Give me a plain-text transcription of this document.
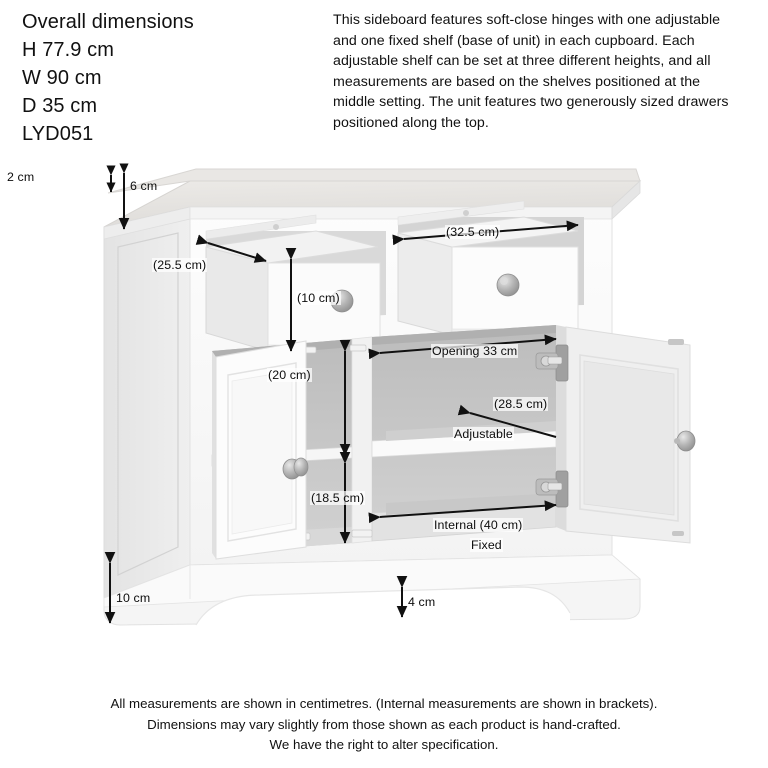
Overall dimensions
H 77.9 cm
W 90 cm
D 35 cm
LYD051
This sideboard features soft-close hinges with one adjustable and one fixed shelf (base of unit) in each cupboard. Each adjustable shelf can be set at three different heights, and all measurements are based on the shelves positioned at the middle setting. The unit features two generously sized drawers positioned along the top.
2 cm
6 cm
(25.5 cm)
(10 cm)
(32.5 cm)
(20 cm)
Opening 33 cm
(28.5 cm)
Adjustable
(18.5 cm)
Internal (40 cm)
Fixed
10 cm	4 cm
All measurements are shown in centimetres. (Internal measurements are shown in brackets).
Dimensions may vary slightly from those shown as each product is hand-crafted.
We have the right to alter specification.
